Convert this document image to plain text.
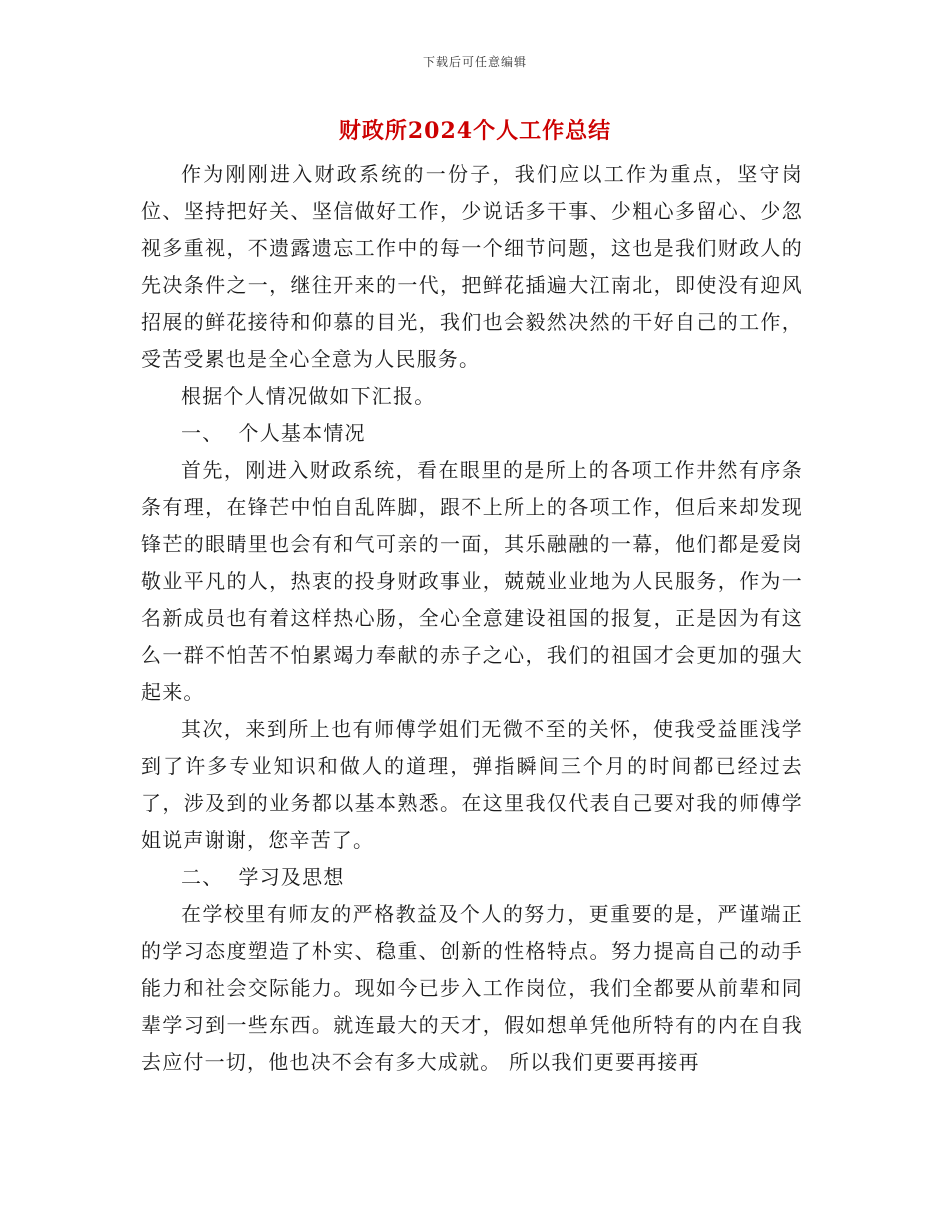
下载后可任意编辑
财政所2024个人工作总结

作为刚刚进入财政系统的一份子，我们应以工作为重点，坚守岗位、坚持把好关、坚信做好工作，少说话多干事、少粗心多留心、少忽视多重视，不遗露遗忘工作中的每一个细节问题，这也是我们财政人的先决条件之一，继往开来的一代，把鲜花插遍大江南北，即使没有迎风招展的鲜花接待和仰慕的目光，我们也会毅然决然的干好自己的工作，受苦受累也是全心全意为人民服务。

根据个人情况做如下汇报。

一、  个人基本情况

首先，刚进入财政系统，看在眼里的是所上的各项工作井然有序条条有理，在锋芒中怕自乱阵脚，跟不上所上的各项工作，但后来却发现锋芒的眼睛里也会有和气可亲的一面，其乐融融的一幕，他们都是爱岗敬业平凡的人，热衷的投身财政事业，兢兢业业地为人民服务，作为一名新成员也有着这样热心肠，全心全意建设祖国的报复，正是因为有这么一群不怕苦不怕累竭力奉献的赤子之心，我们的祖国才会更加的强大起来。

其次，来到所上也有师傅学姐们无微不至的关怀，使我受益匪浅学到了许多专业知识和做人的道理，弹指瞬间三个月的时间都已经过去了，涉及到的业务都以基本熟悉。在这里我仅代表自己要对我的师傅学姐说声谢谢，您辛苦了。

二、  学习及思想

在学校里有师友的严格教益及个人的努力，更重要的是，严谨端正的学习态度塑造了朴实、稳重、创新的性格特点。努力提高自己的动手能力和社会交际能力。现如今已步入工作岗位，我们全都要从前辈和同辈学习到一些东西。就连最大的天才，假如想单凭他所特有的内在自我去应付一切，他也决不会有多大成就。 所以我们更要再接再
